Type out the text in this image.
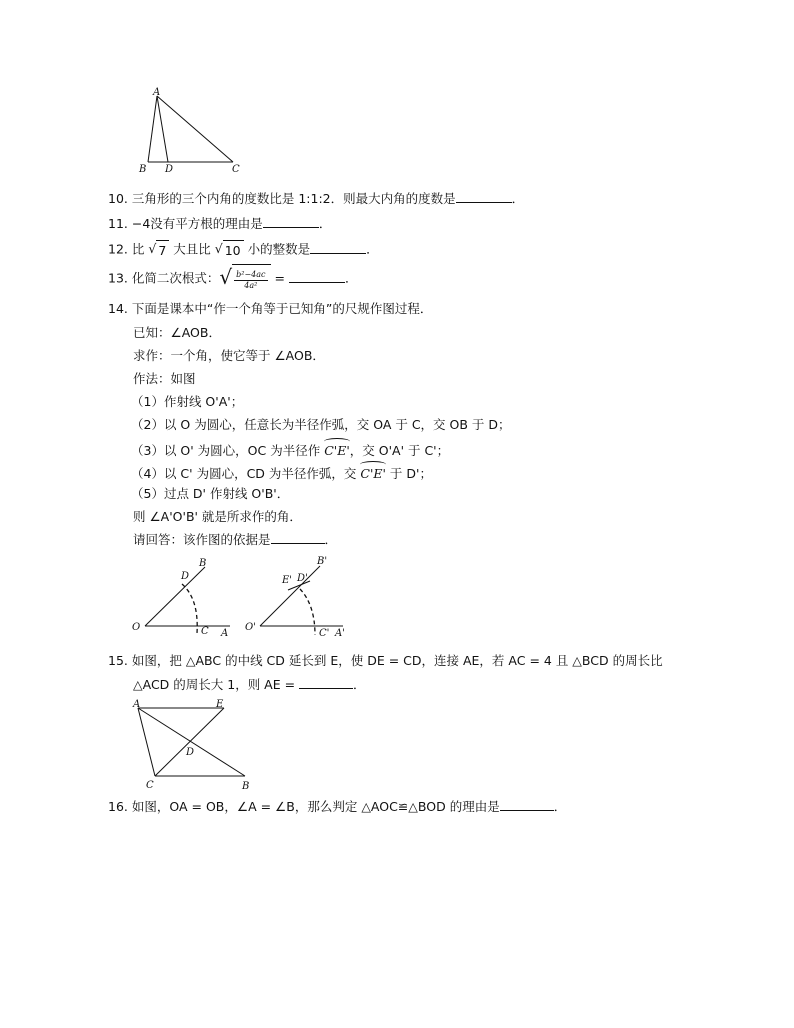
A
B D	C
10. 三角形的三个内角的度数比是 1:1:2．则最大内角的度数是	．
11. −4没有平方根的理由是	．
12. 比 √ 7 大且比 √ 10 小的整数是	．
13. 化简二次根式： √ $\frac{\text{b²−4ac}}{\text{4a²}}$ =	．
14. 下面是课本中“作一个角等于已知角”的尺规作图过程．
已知：∠AOB．
求作：一个角，使它等于 ∠AOB．
作法：如图
（1）作射线 O'A'；
（2）以 O 为圆心，任意长为半径作弧，交 OA 于 C，交 OB 于 D；
（3）以 O' 为圆心，OC 为半径作 C'E'，交 O'A' 于 C'；
（4）以 C' 为圆心，CD 为半径作弧，交 C'E' 于 D'；
（5）过点 D' 作射线 O'B'．
则 ∠A'O'B' 就是所求作的角．
请回答：该作图的依据是	．
B
D
O	C A
B'
E' D'
O'
C' A'
15. 如图，把 △ABC 的中线 CD 延长到 E，使 DE = CD，连接 AE，若 AC = 4 且 △BCD 的周长比
△ACD 的周长大 1，则 AE =	．
A	E
D
C	B
16. 如图，OA = OB，∠A = ∠B，那么判定 △AOC≌△BOD 的理由是	．
